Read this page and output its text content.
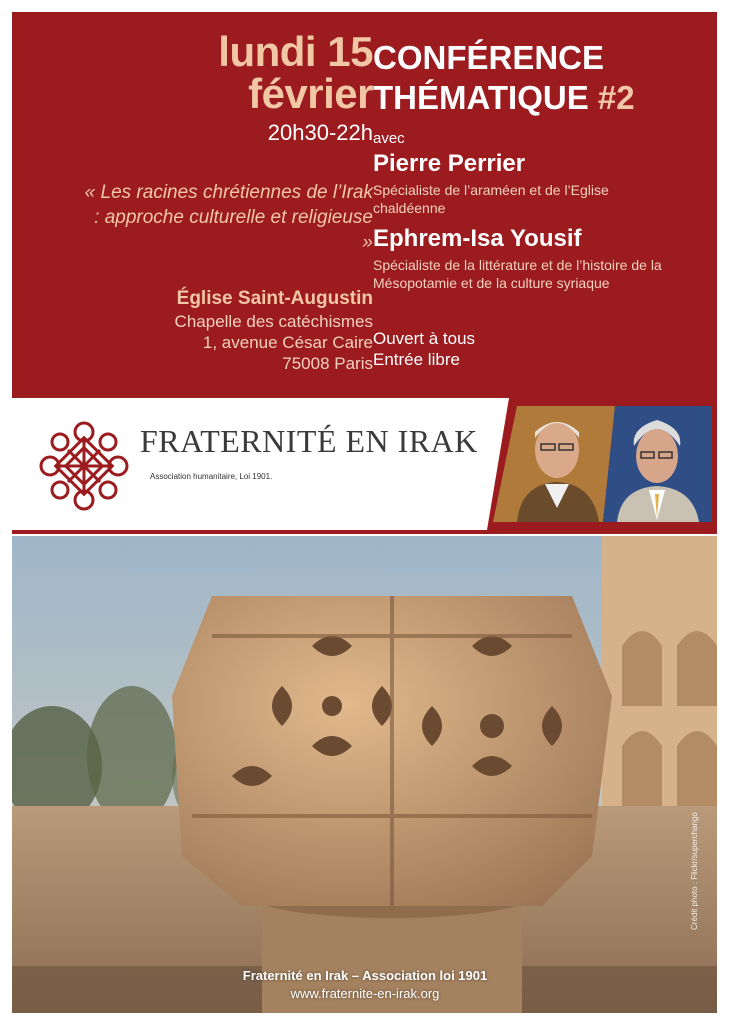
lundi 15
février
20h30-22h
CONFÉRENCE
THÉMATIQUE #2
avec
Pierre Perrier
Spécialiste de l’araméen et de l’Eglise chaldéenne
Ephrem-Isa Yousif
Spécialiste de la littérature et de l’histoire de la Mésopotamie et de la culture syriaque
« Les racines chrétiennes de l’Irak : approche culturelle et religieuse »
Église Saint-Augustin
Chapelle des catéchismes
1, avenue César Caire
75008 Paris
Ouvert à tous
Entrée libre
FRATERNITÉ EN IRAK
Association humanitaire, Loi 1901.
Fraternité en Irak – Association loi 1901
www.fraternite-en-irak.org
Crédit photo : Flickr/superchango
